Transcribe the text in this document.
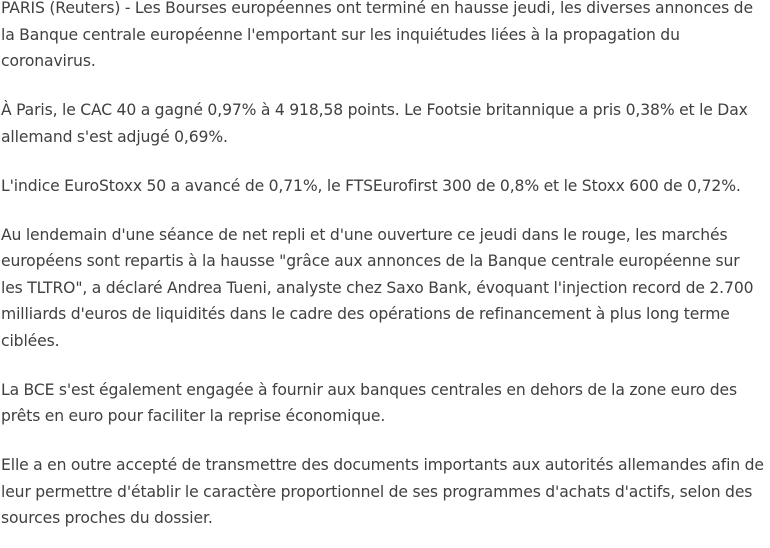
PARIS (Reuters) - Les Bourses européennes ont terminé en hausse jeudi, les diverses annonces de la Banque centrale européenne l'emportant sur les inquiétudes liées à la propagation du coronavirus.

À Paris, le CAC 40 a gagné 0,97% à 4 918,58 points. Le Footsie britannique a pris 0,38% et le Dax allemand s'est adjugé 0,69%.

L'indice EuroStoxx 50 a avancé de 0,71%, le FTSEurofirst 300 de 0,8% et le Stoxx 600 de 0,72%.

Au lendemain d'une séance de net repli et d'une ouverture ce jeudi dans le rouge, les marchés européens sont repartis à la hausse "grâce aux annonces de la Banque centrale européenne sur les TLTRO", a déclaré Andrea Tueni, analyste chez Saxo Bank, évoquant l'injection record de 2.700 milliards d'euros de liquidités dans le cadre des opérations de refinancement à plus long terme ciblées.

La BCE s'est également engagée à fournir aux banques centrales en dehors de la zone euro des prêts en euro pour faciliter la reprise économique.

Elle a en outre accepté de transmettre des documents importants aux autorités allemandes afin de leur permettre d'établir le caractère proportionnel de ses programmes d'achats d'actifs, selon des sources proches du dossier.
